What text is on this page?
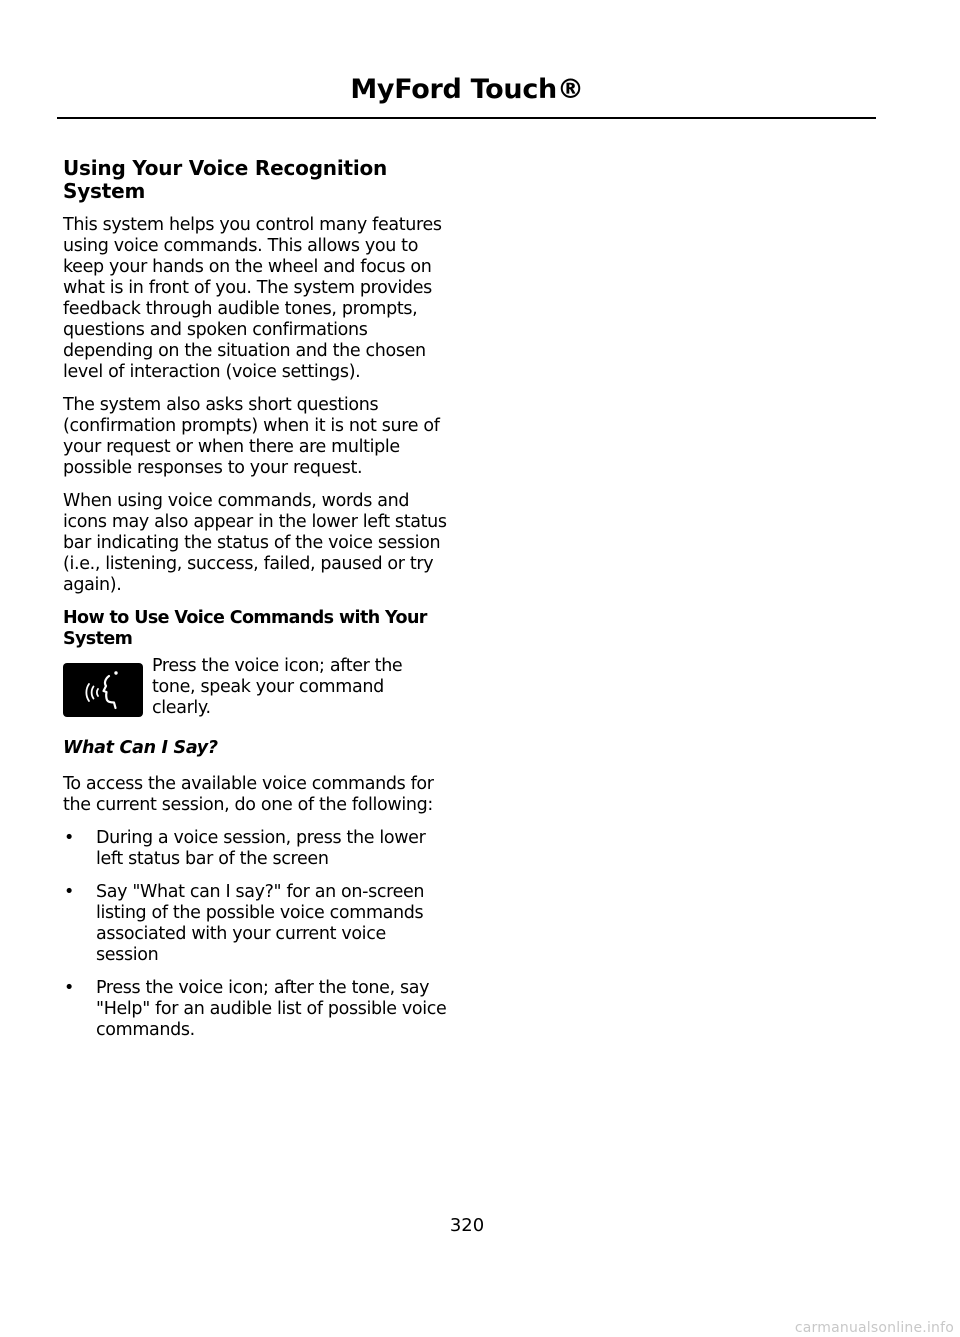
MyFord Touch®
Using Your Voice Recognition System

This system helps you control many features using voice commands. This allows you to keep your hands on the wheel and focus on what is in front of you. The system provides feedback through audible tones, prompts, questions and spoken confirmations depending on the situation and the chosen level of interaction (voice settings).

The system also asks short questions (confirmation prompts) when it is not sure of your request or when there are multiple possible responses to your request.

When using voice commands, words and icons may also appear in the lower left status bar indicating the status of the voice session (i.e., listening, success, failed, paused or try again).

How to Use Voice Commands with Your System
Press the voice icon; after the tone, speak your command clearly.
What Can I Say?

To access the available voice commands for the current session, do one of the following:

• During a voice session, press the lower left status bar of the screen
• Say "What can I say?" for an on-screen listing of the possible voice commands associated with your current voice session
• Press the voice icon; after the tone, say "Help" for an audible list of possible voice commands.
320
carmanualsonline.info
